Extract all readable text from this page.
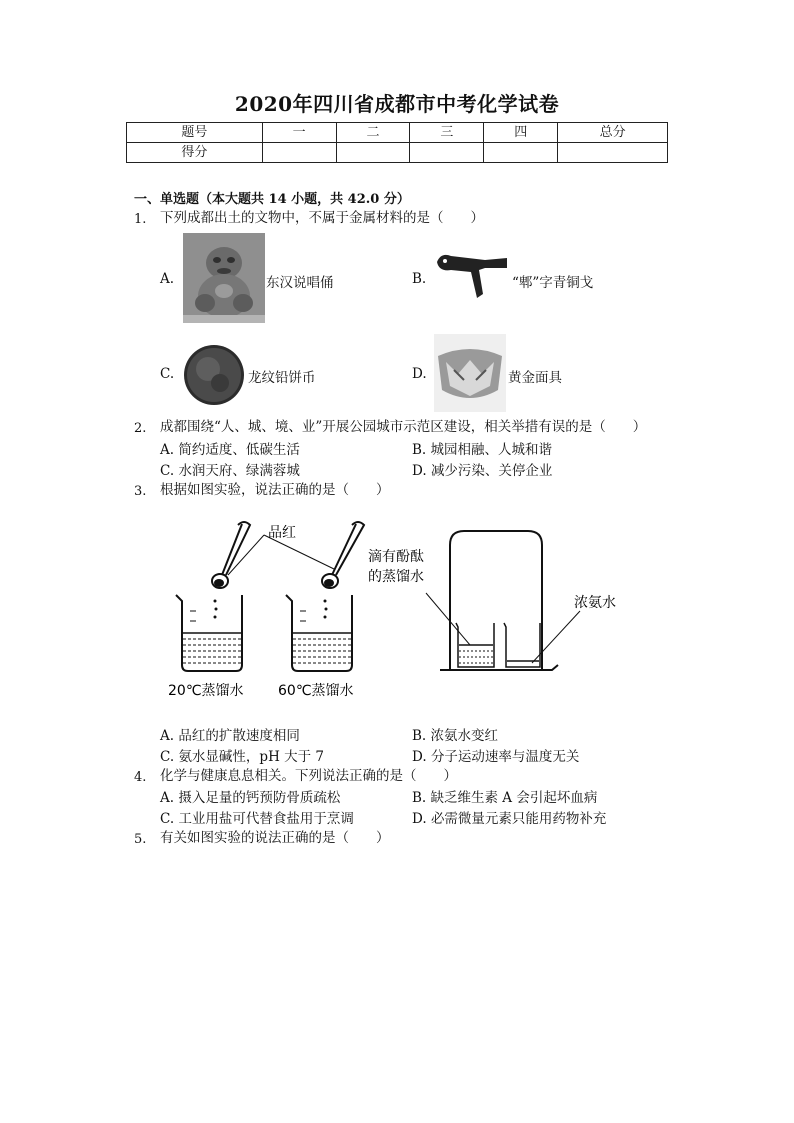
2020年四川省成都市中考化学试卷
题号	一	二	三	四	总分
得分					
一、单选题（本大题共 14 小题，共 42.0 分）
1. 下列成都出土的文物中，不属于金属材料的是（　　）
A.	东汉说唱俑	B.	“郫”字青铜戈
C.	龙纹铅饼币	D.	黄金面具
2. 成都围绕“人、城、境、业”开展公园城市示范区建设，相关举措有误的是（　　）
A. 简约适度、低碳生活	B. 城园相融、人城和谐
C. 水润天府、绿满蓉城	D. 减少污染、关停企业
3. 根据如图实验，说法正确的是（　　）
品红
20℃蒸馏水 60℃蒸馏水
滴有酚酞
的蒸馏水
浓氨水
A. 品红的扩散速度相同	B. 浓氨水变红
C. 氨水显碱性，pH 大于 7	D. 分子运动速率与温度无关
4. 化学与健康息息相关。下列说法正确的是（　　）
A. 摄入足量的钙预防骨质疏松	B. 缺乏维生素 A 会引起坏血病
C. 工业用盐可代替食盐用于烹调	D. 必需微量元素只能用药物补充
5. 有关如图实验的说法正确的是（　　）
